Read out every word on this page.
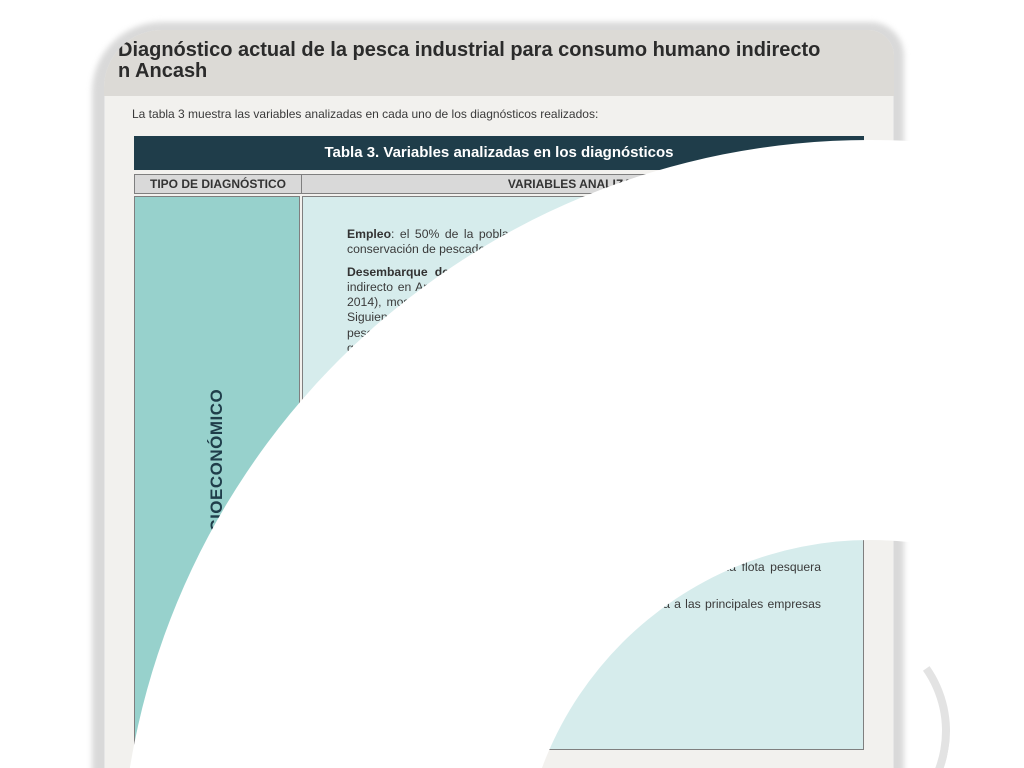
Diagnóstico actual de la pesca industrial para consumo humano indirecto
n Ancash
La tabla 3 muestra las variables analizadas en cada uno de los diagnósticos realizados:
Tabla 3. Variables analizadas en los diagnósticos
TIPO DE DIAGNÓSTICO	VARIABLES ANALIZADAS
SOCIOECONÓMICO

Empleo: el 50% de la población se dedica a la actividad pesquera (procesamiento, conservación de pescados, crustáceos y moluscos) y el 35% a la pesca marítima.

Desembarque de principales especies: el desembarque para consumo humano indirecto en Ancash ha decrecido significativamente en los 10 años evaluados (2005-2014), mostrando un nivel 86% menor en 2014 que el nivel del 2005 (ver gráfico 3). Siguiendo la tendencia del desembarque de anchoveta, la producción de harina de pescado ha presentado una fuerte caída desde el 2004 hasta el 2014. Esta significó que en 2014 la región de Ancash dejó de percibir USD 118 millones de dólares al año por concepto de exportación de harina y aceite de pescado². Se valoriza la producción de harina de pescado bajo su precio de exportación. Se debe considerar que esto es con fines ilustrativos, debido a que no se exporta el 100% de la producción

Número de plantas pesqueras: 60 plantas de harina de pescado. A la fecha 56 están vigentes

Valor añadido bruto: el aporte de la actividad pesquera representa el 3% del VAB total de la Región

Educación: el 37% de la población dedicada a la pesca cuenta con educación primaria y el 35% con educación secundaria

Pobreza: el 90% de las personas que se dedican a la pesca se califican como "no pobres"

Tecnología: en 2015 un total de 912 embarcaciones conformaron la flota pesquera industrial de CHI, principalmente de madera y acero

Asociatividad: la Sociedad Nacional de Pesquería agrupa a las principales empresas harineras del país
